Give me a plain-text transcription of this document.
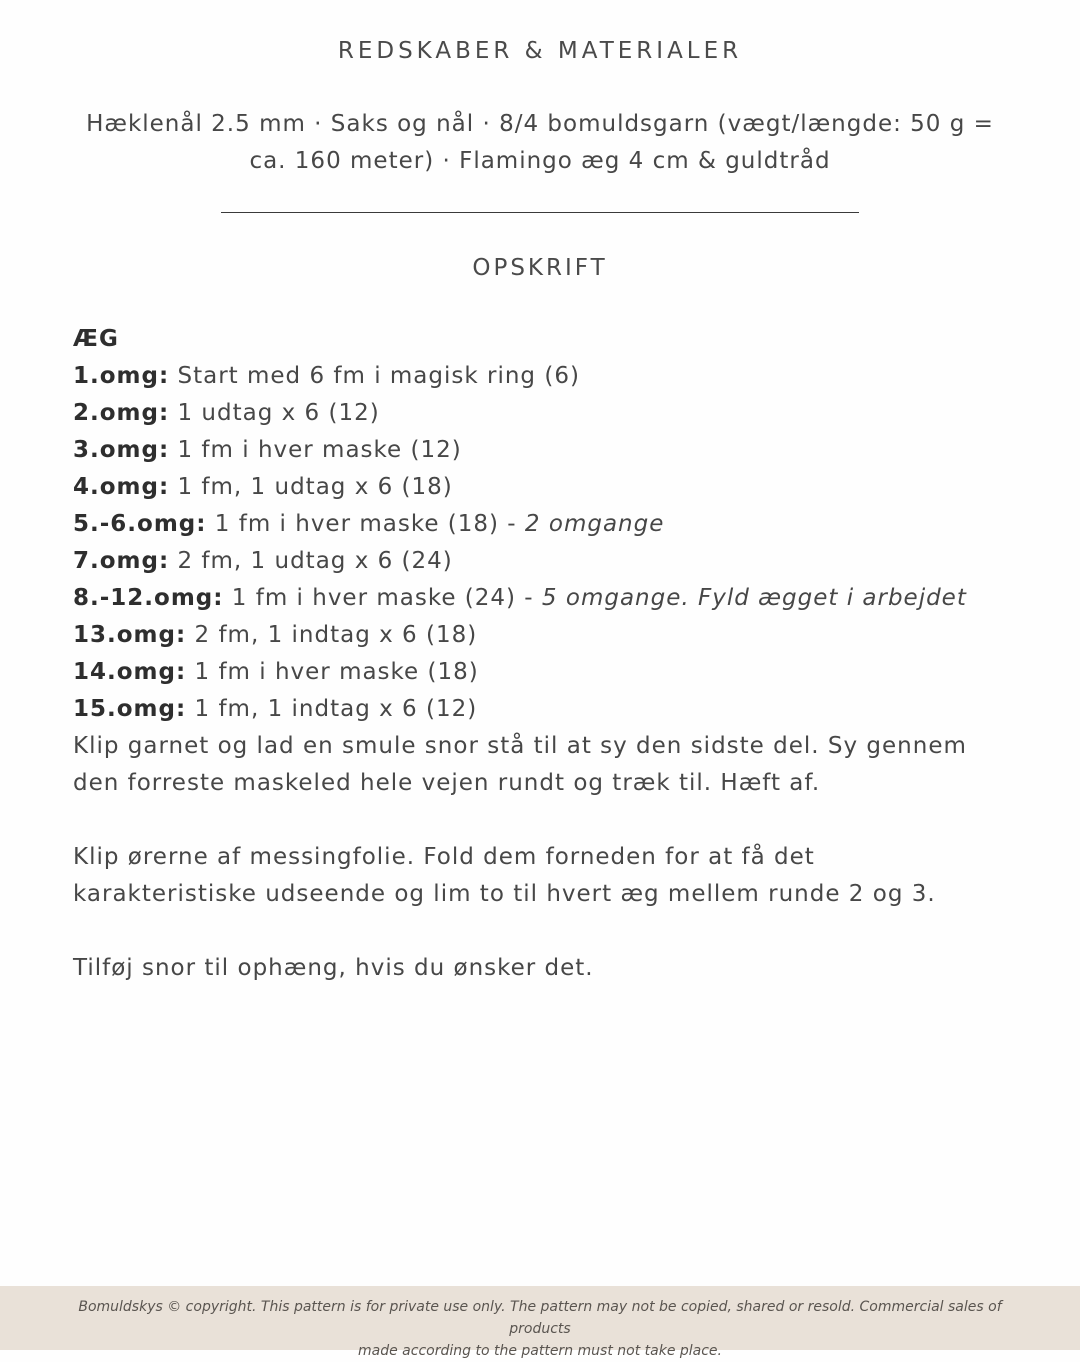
REDSKABER & MATERIALER

Hæklenål 2.5 mm · Saks og nål · 8/4 bomuldsgarn (vægt/længde: 50 g =
ca. 160 meter) · Flamingo æg 4 cm & guldtråd

OPSKRIFT
ÆG
1.omg: Start med 6 fm i magisk ring (6)
2.omg: 1 udtag x 6 (12)
3.omg: 1 fm i hver maske (12)
4.omg: 1 fm, 1 udtag x 6 (18)
5.-6.omg: 1 fm i hver maske (18) - 2 omgange
7.omg: 2 fm, 1 udtag x 6 (24)
8.-12.omg: 1 fm i hver maske (24) - 5 omgange. Fyld ægget i arbejdet
13.omg: 2 fm, 1 indtag x 6 (18)
14.omg: 1 fm i hver maske (18)
15.omg: 1 fm, 1 indtag x 6 (12)

Klip garnet og lad en smule snor stå til at sy den sidste del. Sy gennem
den forreste maskeled hele vejen rundt og træk til. Hæft af.

Klip ørerne af messingfolie. Fold dem forneden for at få det
karakteristiske udseende og lim to til hvert æg mellem runde 2 og 3.

Tilføj snor til ophæng, hvis du ønsker det.

Bomuldskys © copyright. This pattern is for private use only. The pattern may not be copied, shared or resold. Commercial sales of products
made according to the pattern must not take place.
